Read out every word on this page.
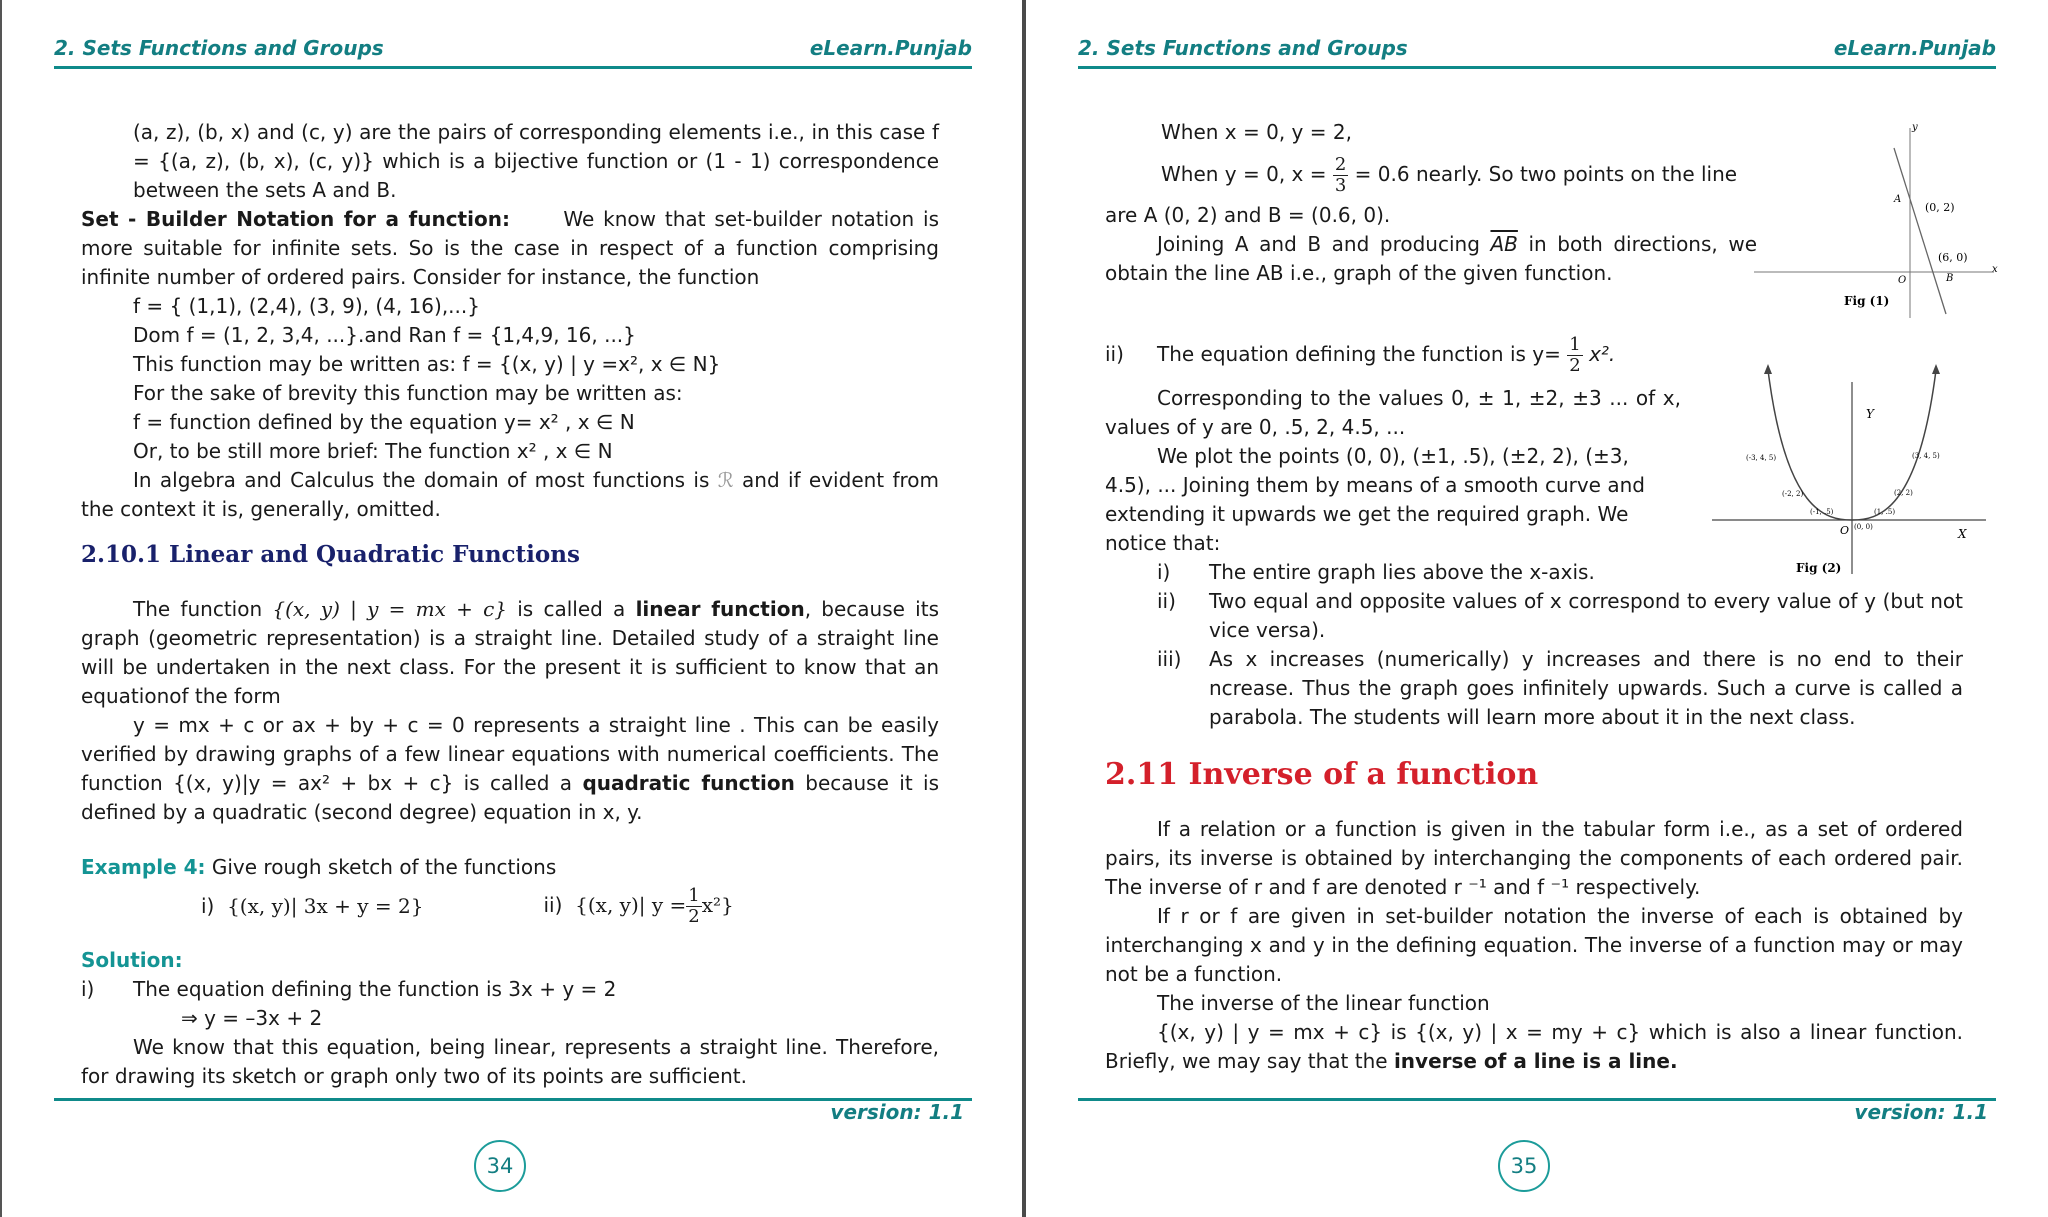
2. Sets Functions and Groups	eLearn.Punjab

(a, z), (b, x) and (c, y) are the pairs of corresponding elements i.e., in this case f = {(a, z), (b, x), (c, y)} which is a bijective function or (1 - 1) correspondence between the sets A and B.

Set - Builder Notation for a function:	We know that set-builder notation is more suitable for infinite sets. So is the case in respect of a function comprising infinite number of ordered pairs. Consider for instance, the function

f = { (1,1), (2,4), (3, 9), (4, 16),...}

Dom f = (1, 2, 3,4, ...}.and Ran f = {1,4,9, 16, ...}

This function may be written as: f = {(x, y) | y =x², x ∈ N}

For the sake of brevity this function may be written as:

f = function defined by the equation y= x² , x ∈ N

Or, to be still more brief: The function x² , x ∈ N

In algebra and Calculus the domain of most functions is ℛ and if evident from the context it is, generally, omitted.

2.10.1 Linear and Quadratic Functions

The function {(x, y) | y = mx + c} is called a linear function, because its graph (geometric representation) is a straight line. Detailed study of a straight line will be undertaken in the next class. For the present it is sufficient to know that an equationof the form

y = mx + c or ax + by + c = 0 represents a straight line . This can be easily verified by drawing graphs of a few linear equations with numerical coefficients. The function {(x, y)|y = ax² + bx + c} is called a quadratic function because it is defined by a quadratic (second degree) equation in x, y.

Example 4: Give rough sketch of the functions

i) {(x, y)| 3x + y = 2}	ii) {(x, y)| $y = \frac{1}{2} x^2$}

Solution:

i)	The equation defining the function is 3x + y = 2

⇒ y = –3x + 2

We know that this equation, being linear, represents a straight line. Therefore, for drawing its sketch or graph only two of its points are sufficient.

version: 1.1
34
2. Sets Functions and Groups	eLearn.Punjab
y
x
A
(0, 2)
(6, 0)
B
O
Fig (1)
Y
X
O
(-3, 4, 5)	(3, 4, 5)
(-2, 2)	(2, 2)
(-1, .5)	(1, .5)
(0, 0)
Fig (2)

When x = 0, y = 2,

When y = 0, $x = \frac{2}{3} = 0.6$ nearly. So two points on the line

are A (0, 2) and B = (0.6, 0).

Joining A and B and producing $\overline{AB}$ in both directions, we obtain the line AB i.e., graph of the given function.

ii)	The equation defining the function is $y= \frac{1}{2} x^2$.

Corresponding to the values 0, ± 1, ±2, ±3 ... of x, values of y are 0, .5, 2, 4.5, ...

We plot the points (0, 0), (±1, .5), (±2, 2), (±3, 4.5), ... Joining them by means of a smooth curve and extending it upwards we get the required graph. We notice that:

i)	The entire graph lies above the x-axis.
ii)	Two equal and opposite values of x correspond to every value of y (but not vice versa).
iii)	As x increases (numerically) y increases and there is no end to their ncrease. Thus the graph goes infinitely upwards. Such a curve is called a parabola. The students will learn more about it in the next class.

2.11 Inverse of a function

If a relation or a function is given in the tabular form i.e., as a set of ordered pairs, its inverse is obtained by interchanging the components of each ordered pair. The inverse of r and f are denoted r ⁻¹ and f ⁻¹ respectively.

If r or f are given in set-builder notation the inverse of each is obtained by interchanging x and y in the defining equation. The inverse of a function may or may not be a function.

The inverse of the linear function

{(x, y) | y = mx + c} is {(x, y) | x = my + c} which is also a linear function. Briefly, we may say that the inverse of a line is a line.

version: 1.1
35
